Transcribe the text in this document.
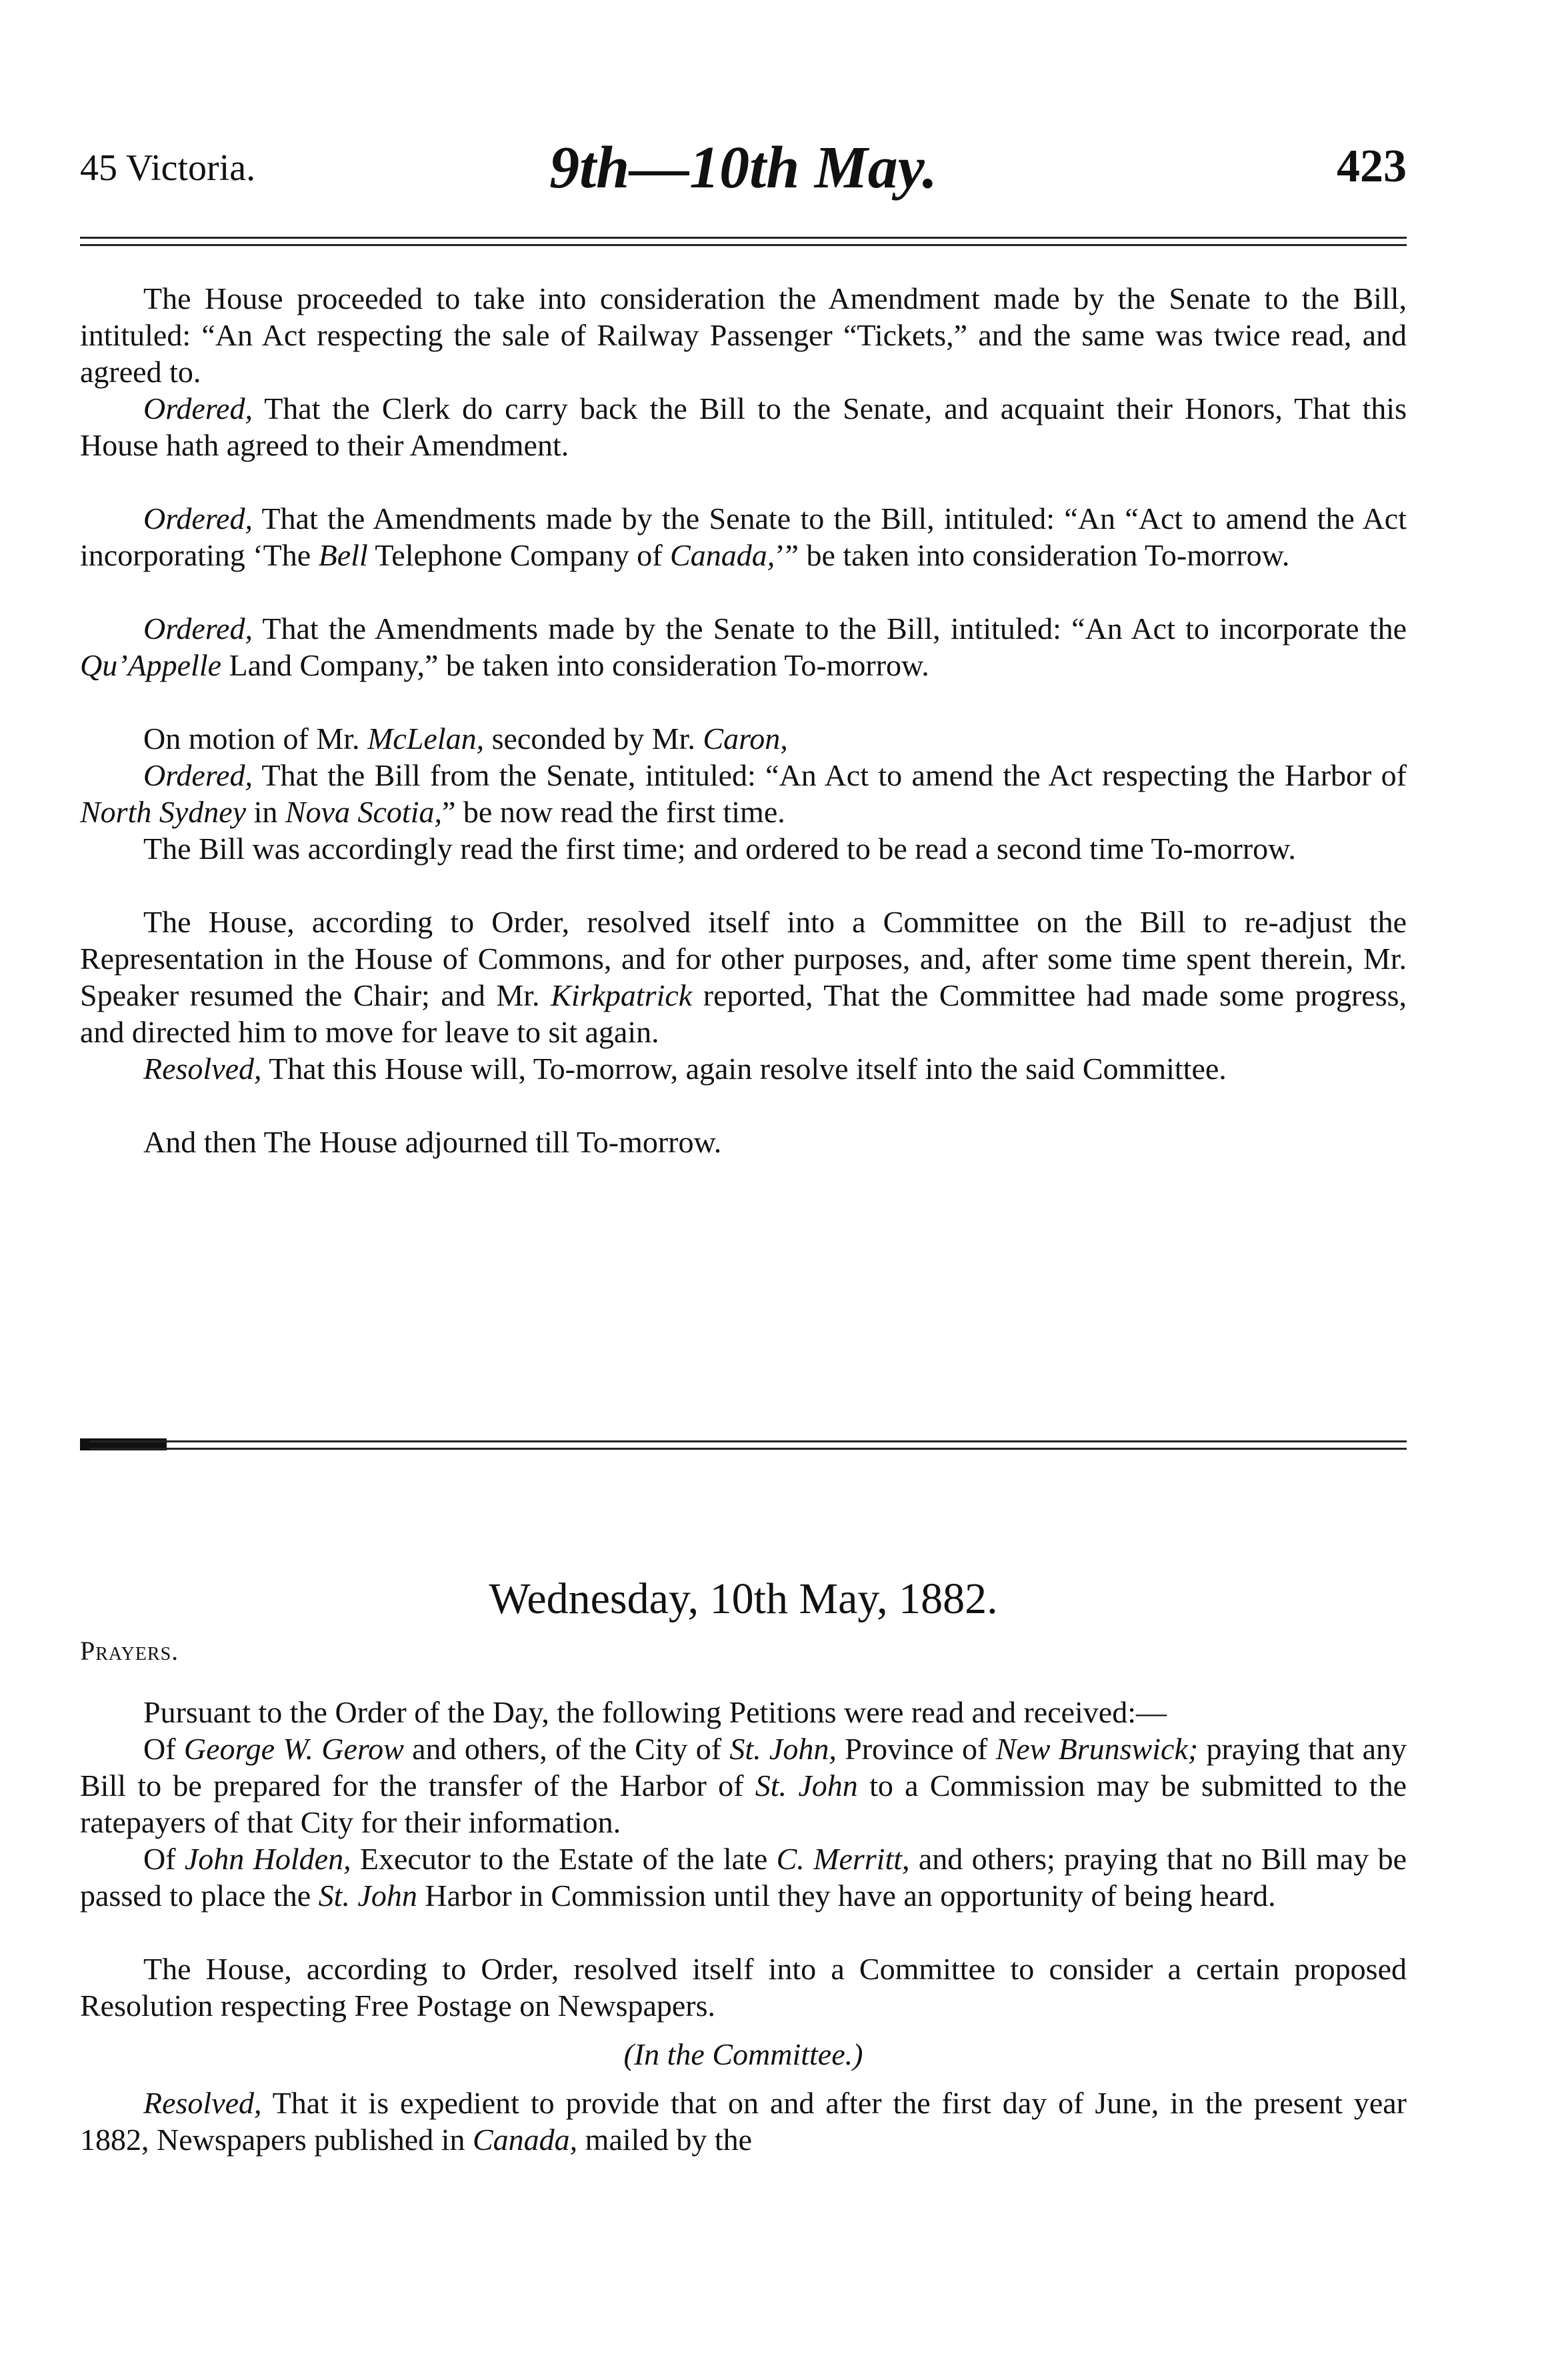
45 Victoria.	9th—10th May.	423

The House proceeded to take into consideration the Amendment made by the Senate to the Bill, intituled: “An Act respecting the sale of Railway Passenger “Tickets,” and the same was twice read, and agreed to.

Ordered, That the Clerk do carry back the Bill to the Senate, and acquaint their Honors, That this House hath agreed to their Amendment.

Ordered, That the Amendments made by the Senate to the Bill, intituled: “An “Act to amend the Act incorporating ‘The Bell Telephone Company of Canada,’” be taken into consideration To-morrow.

Ordered, That the Amendments made by the Senate to the Bill, intituled: “An Act to incorporate the Qu’Appelle Land Company,” be taken into consideration To-morrow.

On motion of Mr. McLelan, seconded by Mr. Caron,

Ordered, That the Bill from the Senate, intituled: “An Act to amend the Act respecting the Harbor of North Sydney in Nova Scotia,” be now read the first time.

The Bill was accordingly read the first time; and ordered to be read a second time To-morrow.

The House, according to Order, resolved itself into a Committee on the Bill to re-adjust the Representation in the House of Commons, and for other purposes, and, after some time spent therein, Mr. Speaker resumed the Chair; and Mr. Kirkpatrick reported, That the Committee had made some progress, and directed him to move for leave to sit again.

Resolved, That this House will, To-morrow, again resolve itself into the said Committee.

And then The House adjourned till To-morrow.

Wednesday, 10th May, 1882.
Prayers.

Pursuant to the Order of the Day, the following Petitions were read and received:—

Of George W. Gerow and others, of the City of St. John, Province of New Brunswick; praying that any Bill to be prepared for the transfer of the Harbor of St. John to a Commission may be submitted to the ratepayers of that City for their information.

Of John Holden, Executor to the Estate of the late C. Merritt, and others; praying that no Bill may be passed to place the St. John Harbor in Commission until they have an opportunity of being heard.

The House, according to Order, resolved itself into a Committee to consider a certain proposed Resolution respecting Free Postage on Newspapers.

(In the Committee.)

Resolved, That it is expedient to provide that on and after the first day of June, in the present year 1882, Newspapers published in Canada, mailed by the
